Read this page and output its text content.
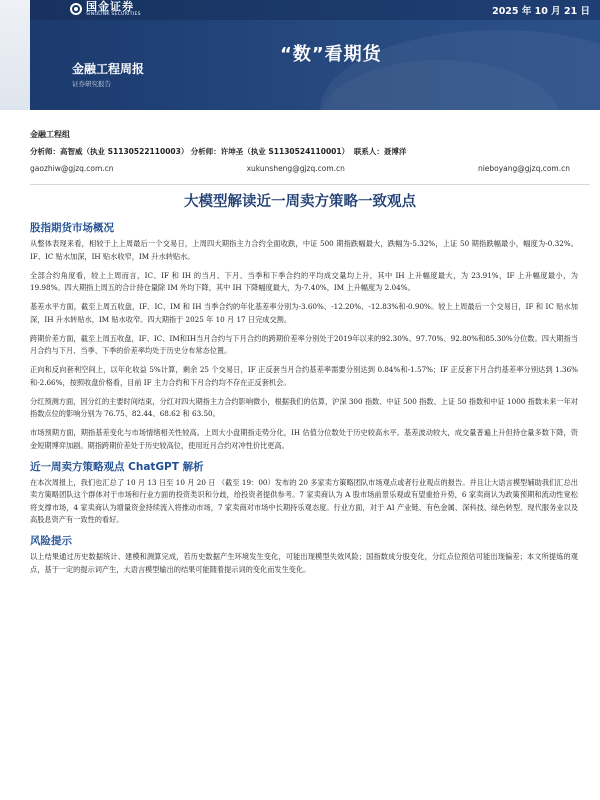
国金证券
SINOLINK SECURITIES	2025 年 10 月 21 日
“数”看期货
金融工程周报
证券研究报告
金融工程组
分析师：高智威（执业 S1130522110003） 分析师：许坤圣（执业 S1130524110001） 联系人：聂博洋
gaozhiw@gjzq.com.cn	xukunsheng@gjzq.com.cn	nieboyang@gjzq.com.cn
大模型解读近一周卖方策略一致观点
股指期货市场概况

从整体表现来看，相较于上上周最后一个交易日，上周四大期指主力合约全面收跌，中证 500 期指跌幅最大，跌幅为-5.32%，上证 50 期指跌幅最小，幅度为-0.32%。IF、IC 贴水加深，IH 贴水收窄，IM 升水转贴水。

全部合约角度看，较上上周而言，IC、IF 和 IH 的当月、下月、当季和下季合约的平均成交量均上升，其中 IH 上升幅度最大，为 23.91%，IF 上升幅度最小，为 19.98%。四大期指上周五的合计持仓量除 IM 外均下降，其中 IH 下降幅度最大，为-7.40%，IM 上升幅度为 2.04%。

基差水平方面，截至上周五收盘，IF、IC、IM 和 IH 当季合约的年化基差率分别为-3.60%、-12.20%、-12.83%和-0.90%。较上上周最后一个交易日，IF 和 IC 贴水加深，IH 升水转贴水，IM 贴水收窄。四大期指于 2025 年 10 月 17 日完成交割。

跨期价差方面，截至上周五收盘，IF、IC、IM和IH当月合约与下月合约的跨期价差率分别处于2019年以来的92.30%、97.70%、92.80%和85.30%分位数。四大期指当月合约与下月、当季、下季的价差率均处于历史分布常态位置。

正向和反向套利空间上，以年化收益 5%计算，剩余 25 个交易日，IF 正反套当月合约基差率需要分别达到 0.84%和-1.57%；IF 正反套下月合约基差率分别达到 1.36%和-2.66%，按照收盘价格看，目前 IF 主力合约和下月合约均不存在正反套机会。

分红预测方面，因分红的主要时间结束，分红对四大期指主力合约影响微小，根据我们的估算，沪深 300 指数、中证 500 指数、上证 50 指数和中证 1000 指数未来一年对指数点位的影响分别为 76.75、82.44、68.62 和 63.50。

市场预期方面，期指基差变化与市场情绪相关性较高。上周大小盘期指走势分化，IH 估值分位数处于历史较高水平。基差波动较大，成交量普遍上升但持仓量多数下降，资金短期博弈加剧。期指跨期价差处于历史较高位，使用近月合约对冲性价比更高。

近一周卖方策略观点 ChatGPT 解析

在本次周报上，我们也汇总了 10 月 13 日至 10 月 20 日 （截至 19：00）发布的 20 多家卖方策略团队市场观点或者行业观点的报告。并且让大语言模型辅助我们汇总出卖方策略团队这个群体对于市场和行业方面的投资类识和分歧，给投资者提供参考。7 家卖商认为 A 股市场前景乐观或有望重拾升势，6 家卖商认为政策预期和流动性宽松将支撑市场，4 家卖商认为增量资金持续流入将推动市场，7 家卖商对市场中长期持乐观态度。行业方面，对于 AI 产业链、有色金属、深科技、绿色转型、现代服务业以及高股息资产有一致性的看好。

风险提示

以上结果通过历史数据统计、建模和测算完成，若历史数据产生环境发生变化，可能出现模型失效风险；国指数成分股变化，分红点位预估可能出现偏差；本文所提炼的观点，基于一定的提示词产生，大语言模型输出的结果可能随着提示词的变化而发生变化。
